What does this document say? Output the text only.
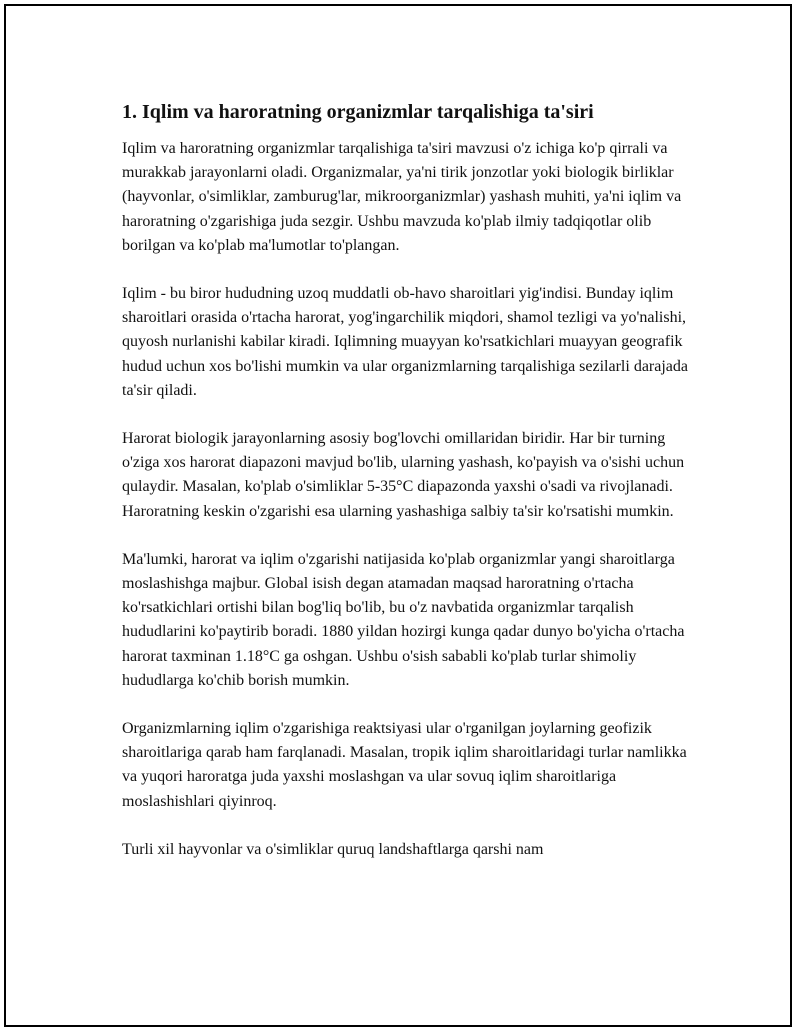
1. Iqlim va haroratning organizmlar tarqalishiga ta'siri

Iqlim va haroratning organizmlar tarqalishiga ta'siri mavzusi o'z ichiga ko'p qirrali va murakkab jarayonlarni oladi. Organizmalar, ya'ni tirik jonzotlar yoki biologik birliklar (hayvonlar, o'simliklar, zamburug'lar, mikroorganizmlar) yashash muhiti, ya'ni iqlim va haroratning o'zgarishiga juda sezgir. Ushbu mavzuda ko'plab ilmiy tadqiqotlar olib borilgan va ko'plab ma'lumotlar to'plangan.

Iqlim - bu biror hududning uzoq muddatli ob-havo sharoitlari yig'indisi. Bunday iqlim sharoitlari orasida o'rtacha harorat, yog'ingarchilik miqdori, shamol tezligi va yo'nalishi, quyosh nurlanishi kabilar kiradi. Iqlimning muayyan ko'rsatkichlari muayyan geografik hudud uchun xos bo'lishi mumkin va ular organizmlarning tarqalishiga sezilarli darajada ta'sir qiladi.

Harorat biologik jarayonlarning asosiy bog'lovchi omillaridan biridir. Har bir turning o'ziga xos harorat diapazoni mavjud bo'lib, ularning yashash, ko'payish va o'sishi uchun qulaydir. Masalan, ko'plab o'simliklar 5-35°C diapazonda yaxshi o'sadi va rivojlanadi. Haroratning keskin o'zgarishi esa ularning yashashiga salbiy ta'sir ko'rsatishi mumkin.

Ma'lumki, harorat va iqlim o'zgarishi natijasida ko'plab organizmlar yangi sharoitlarga moslashishga majbur. Global isish degan atamadan maqsad haroratning o'rtacha ko'rsatkichlari ortishi bilan bog'liq bo'lib, bu o'z navbatida organizmlar tarqalish hududlarini ko'paytirib boradi. 1880 yildan hozirgi kunga qadar dunyo bo'yicha o'rtacha harorat taxminan 1.18°C ga oshgan. Ushbu o'sish sababli ko'plab turlar shimoliy hududlarga ko'chib borish mumkin.

Organizmlarning iqlim o'zgarishiga reaktsiyasi ular o'rganilgan joylarning geofizik sharoitlariga qarab ham farqlanadi. Masalan, tropik iqlim sharoitlaridagi turlar namlikka va yuqori haroratga juda yaxshi moslashgan va ular sovuq iqlim sharoitlariga moslashishlari qiyinroq.

Turli xil hayvonlar va o'simliklar quruq landshaftlarga qarshi nam
